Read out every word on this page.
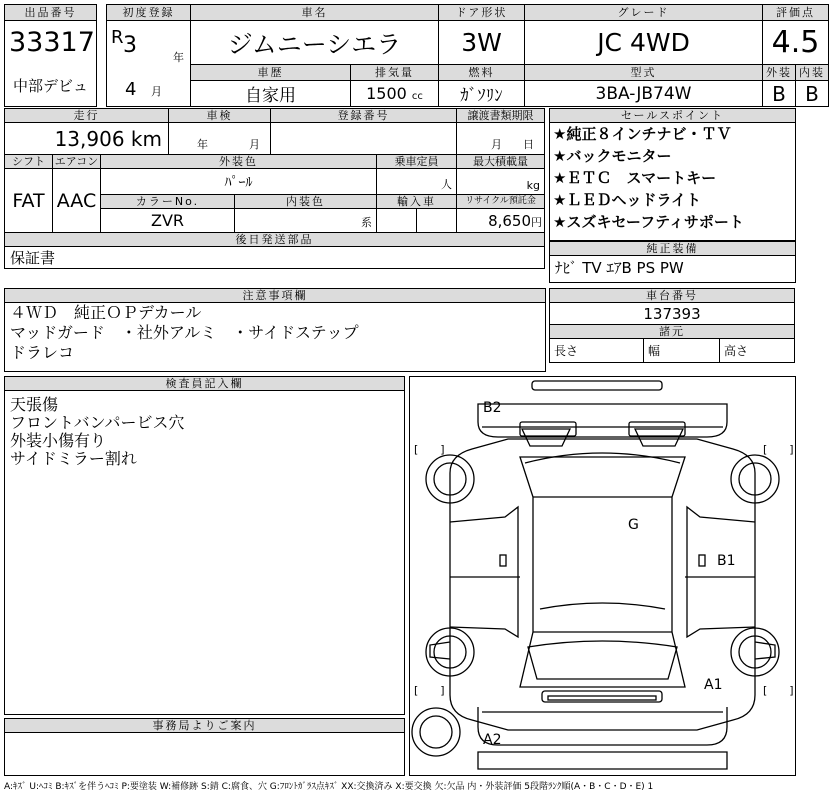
出品番号		初度登録	車名		ドア形状	グレード	評価点	
33317		R 3 年	ジムニーシエラ		3W	JC 4WD	4.5	
中部デビュ		4 月	車歴	排気量	燃料	型式	外装	内装
			自家用	1500 cc	ｶﾞｿﾘﾝ	3BA-JB74W	B	B
走行			車検		登録番号			譲渡書類期限
13,906 km			年 月					月 日

シフト	エアコン	外装色				乗車定員		最大積載量
FAT	AAC	ﾊﾟｰﾙ				人		kg

		カラーNo.		内装色		輸入車		リサイクル預託金
		ZVR		系				8,650円
後日発送部品								
保証書								
セールスポイント
★純正８インチナビ・ＴＶ
★バックモニター
★ＥＴＣ　スマートキー
★ＬＥＤヘッドライト
★スズキセーフティサポート
純正装備
ﾅﾋﾞ TV ｴｱB PS PW
注意事項欄
４ＷＤ　純正ＯＰデカール
マッドガード　・社外アルミ　・サイドステップ
ドラレコ
車台番号
137393
諸元
長さ	幅	高さ
検査員記入欄
天張傷
フロントバンパービス穴
外装小傷有り
サイドミラー割れ
事務局よりご案内
[　　]	[　　]
[　　]	[　　]
B2
G
B1
A1
A2
A:ｷｽﾞ U:ﾍｺﾐ B:ｷｽﾞを伴うﾍｺﾐ P:要塗装 W:補修跡 S:錆 C:腐食、穴 G:ﾌﾛﾝﾄｶﾞﾗｽ点ｷｽﾞ XX:交換済み X:要交換 欠:欠品 内・外装評価 5段階ﾗﾝｸ順(A・B・C・D・E) 1
